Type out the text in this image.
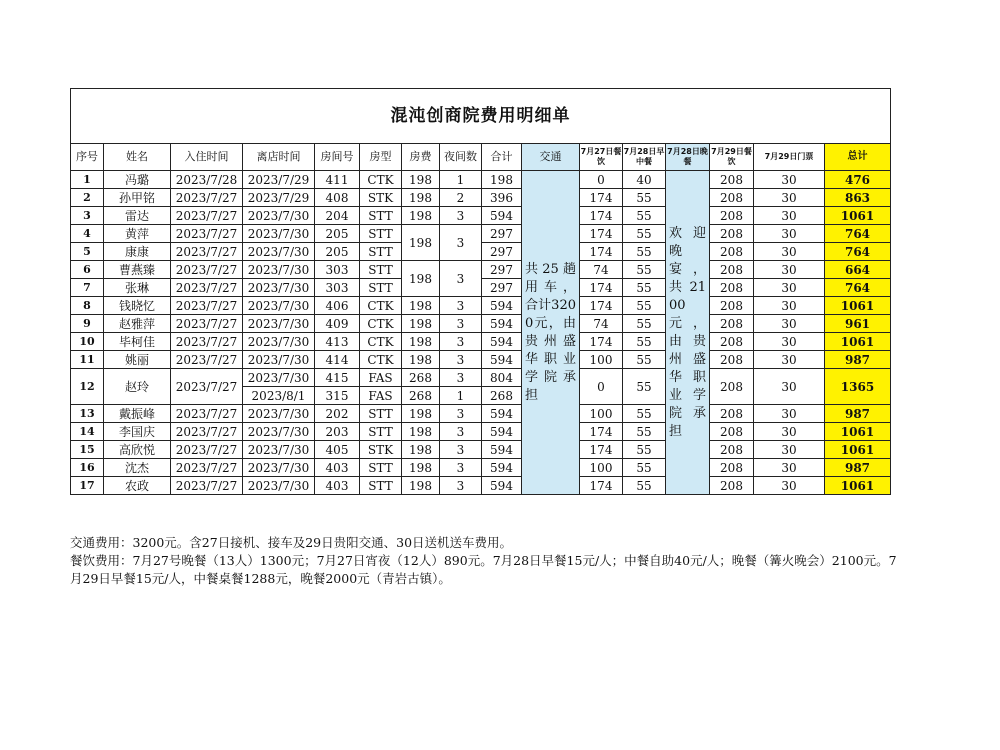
混沌创商院费用明细单															
序号	姓名	入住时间	离店时间	房间号	房型	房费	夜间数	合计	交通	7月27日餐饮	7月28日早中餐	7月28日晚餐	7月29日餐饮	7月29日门票	总计
1	冯璐	2023/7/28	2023/7/29	411	CTK	198	1	198	共25趟用车，合计3200元，由贵州盛华职业学院承担	0	40	欢迎晚宴，共2100元，由贵州盛华职业学院承担	208	30	476
2	孙甲铭	2023/7/27	2023/7/29	408	STK	198	2	396		174	55		208	30	863
3	雷达	2023/7/27	2023/7/30	204	STT	198	3	594		174	55		208	30	1061
4	黄萍	2023/7/27	2023/7/30	205	STT	198	3	297		174	55		208	30	764
5	康康	2023/7/27	2023/7/30	205	STT			297		174	55		208	30	764
6	曹燕臻	2023/7/27	2023/7/30	303	STT	198	3	297		74	55		208	30	664
7	张琳	2023/7/27	2023/7/30	303	STT			297		174	55		208	30	764
8	钱晓忆	2023/7/27	2023/7/30	406	CTK	198	3	594		174	55		208	30	1061
9	赵雅萍	2023/7/27	2023/7/30	409	CTK	198	3	594		74	55		208	30	961
10	毕柯佳	2023/7/27	2023/7/30	413	CTK	198	3	594		174	55		208	30	1061
11	姚丽	2023/7/27	2023/7/30	414	CTK	198	3	594		100	55		208	30	987
12	赵玲	2023/7/27	2023/7/30	415	FAS	268	3	804		0	55		208	30	1365
			2023/8/1	315	FAS	268	1	268							
13	戴振峰	2023/7/27	2023/7/30	202	STT	198	3	594		100	55		208	30	987
14	李国庆	2023/7/27	2023/7/30	203	STT	198	3	594		174	55		208	30	1061
15	高欣悦	2023/7/27	2023/7/30	405	STK	198	3	594		174	55		208	30	1061
16	沈杰	2023/7/27	2023/7/30	403	STT	198	3	594		100	55		208	30	987
17	农政	2023/7/27	2023/7/30	403	STT	198	3	594		174	55		208	30	1061

交通费用：3200元。含27日接机、接车及29日贵阳交通、30日送机送车费用。

餐饮费用：7月27号晚餐（13人）1300元；7月27日宵夜（12人）890元。7月28日早餐15元/人；中餐自助40元/人；晚餐（篝火晚会）2100元。7月29日早餐15元/人，中餐桌餐1288元，晚餐2000元（青岩古镇）。
